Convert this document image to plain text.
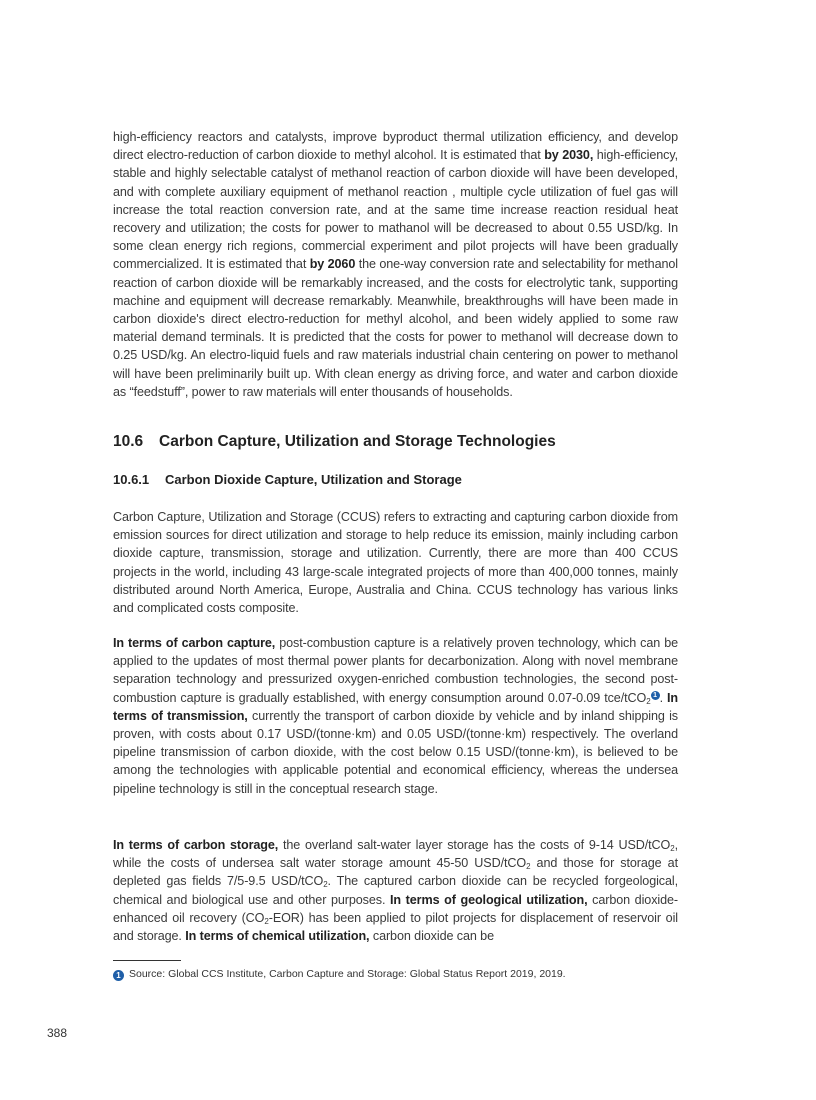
high-efficiency reactors and catalysts, improve byproduct thermal utilization efficiency, and develop direct electro-reduction of carbon dioxide to methyl alcohol. It is estimated that by 2030, high-efficiency, stable and highly selectable catalyst of methanol reaction of carbon dioxide will have been developed, and with complete auxiliary equipment of methanol reaction , multiple cycle utilization of fuel gas will increase the total reaction conversion rate, and at the same time increase reaction residual heat recovery and utilization; the costs for power to mathanol will be decreased to about 0.55 USD/kg. In some clean energy rich regions, commercial experiment and pilot projects will have been gradually commercialized. It is estimated that by 2060 the one-way conversion rate and selectability for methanol reaction of carbon dioxide will be remarkably increased, and the costs for electrolytic tank, supporting machine and equipment will decrease remarkably. Meanwhile, breakthroughs will have been made in carbon dioxide's direct electro-reduction for methyl alcohol, and been widely applied to some raw material demand terminals. It is predicted that the costs for power to methanol will decrease down to 0.25 USD/kg. An electro-liquid fuels and raw materials industrial chain centering on power to methanol will have been preliminarily built up. With clean energy as driving force, and water and carbon dioxide as “feedstuff”, power to raw materials will enter thousands of households.

10.6 Carbon Capture, Utilization and Storage Technologies
10.6.1 Carbon Dioxide Capture, Utilization and Storage

Carbon Capture, Utilization and Storage (CCUS) refers to extracting and capturing carbon dioxide from emission sources for direct utilization and storage to help reduce its emission, mainly including carbon dioxide capture, transmission, storage and utilization. Currently, there are more than 400 CCUS projects in the world, including 43 large-scale integrated projects of more than 400,000 tonnes, mainly distributed around North America, Europe, Australia and China. CCUS technology has various links and complicated costs composite.

In terms of carbon capture, post-combustion capture is a relatively proven technology, which can be applied to the updates of most thermal power plants for decarbonization. Along with novel membrane separation technology and pressurized oxygen-enriched combustion technologies, the second post-combustion capture is gradually established, with energy consumption around 0.07-0.09 tce/tCO$_2$1 . In terms of transmission, currently the transport of carbon dioxide by vehicle and by inland shipping is proven, with costs about 0.17 USD/(tonne·km) and 0.05 USD/(tonne·km) respectively. The overland pipeline transmission of carbon dioxide, with the cost below 0.15 USD/(tonne·km), is believed to be among the technologies with applicable potential and economical efficiency, whereas the undersea pipeline technology is still in the conceptual research stage.

In terms of carbon storage, the overland salt-water layer storage has the costs of 9-14 USD/tCO$_2$, while the costs of undersea salt water storage amount 45-50 USD/tCO$_2$ and those for storage at depleted gas fields 7/5-9.5 USD/tCO$_2$. The captured carbon dioxide can be recycled forgeological, chemical and biological use and other purposes. In terms of geological utilization, carbon dioxide-enhanced oil recovery $(CO_2-EOR)$ has been applied to pilot projects for displacement of reservoir oil and storage. In terms of chemical utilization, carbon dioxide can be

1 Source: Global CCS Institute, Carbon Capture and Storage: Global Status Report 2019, 2019.
388
